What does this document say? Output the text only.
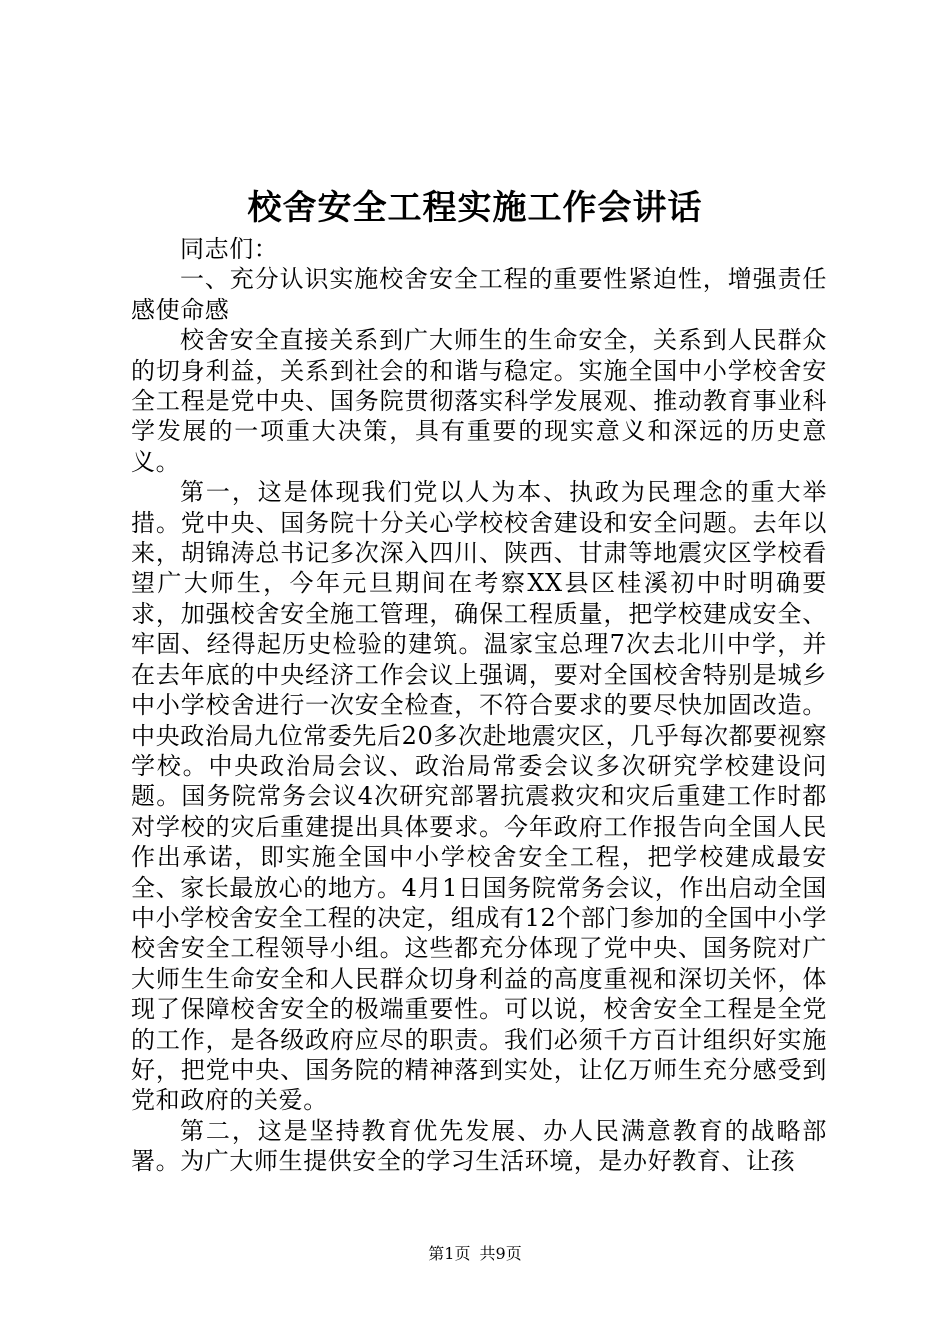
校舍安全工程实施工作会讲话

同志们：

一、充分认识实施校舍安全工程的重要性紧迫性，增强责任感使命感

校舍安全直接关系到广大师生的生命安全，关系到人民群众的切身利益，关系到社会的和谐与稳定。实施全国中小学校舍安全工程是党中央、国务院贯彻落实科学发展观、推动教育事业科学发展的一项重大决策，具有重要的现实意义和深远的历史意义。

第一，这是体现我们党以人为本、执政为民理念的重大举措。党中央、国务院十分关心学校校舍建设和安全问题。去年以来，胡锦涛总书记多次深入四川、陕西、甘肃等地震灾区学校看望广大师生，今年元旦期间在考察XX县区桂溪初中时明确要求，加强校舍安全施工管理，确保工程质量，把学校建成安全、牢固、经得起历史检验的建筑。温家宝总理7次去北川中学，并在去年底的中央经济工作会议上强调，要对全国校舍特别是城乡中小学校舍进行一次安全检查，不符合要求的要尽快加固改造。中央政治局九位常委先后20多次赴地震灾区，几乎每次都要视察学校。中央政治局会议、政治局常委会议多次研究学校建设问题。国务院常务会议4次研究部署抗震救灾和灾后重建工作时都对学校的灾后重建提出具体要求。今年政府工作报告向全国人民作出承诺，即实施全国中小学校舍安全工程，把学校建成最安全、家长最放心的地方。4月1日国务院常务会议，作出启动全国中小学校舍安全工程的决定，组成有12个部门参加的全国中小学校舍安全工程领导小组。这些都充分体现了党中央、国务院对广大师生生命安全和人民群众切身利益的高度重视和深切关怀，体现了保障校舍安全的极端重要性。可以说，校舍安全工程是全党的工作，是各级政府应尽的职责。我们必须千方百计组织好实施好，把党中央、国务院的精神落到实处，让亿万师生充分感受到党和政府的关爱。

第二，这是坚持教育优先发展、办人民满意教育的战略部署。为广大师生提供安全的学习生活环境，是办好教育、让孩

第1页 共9页
